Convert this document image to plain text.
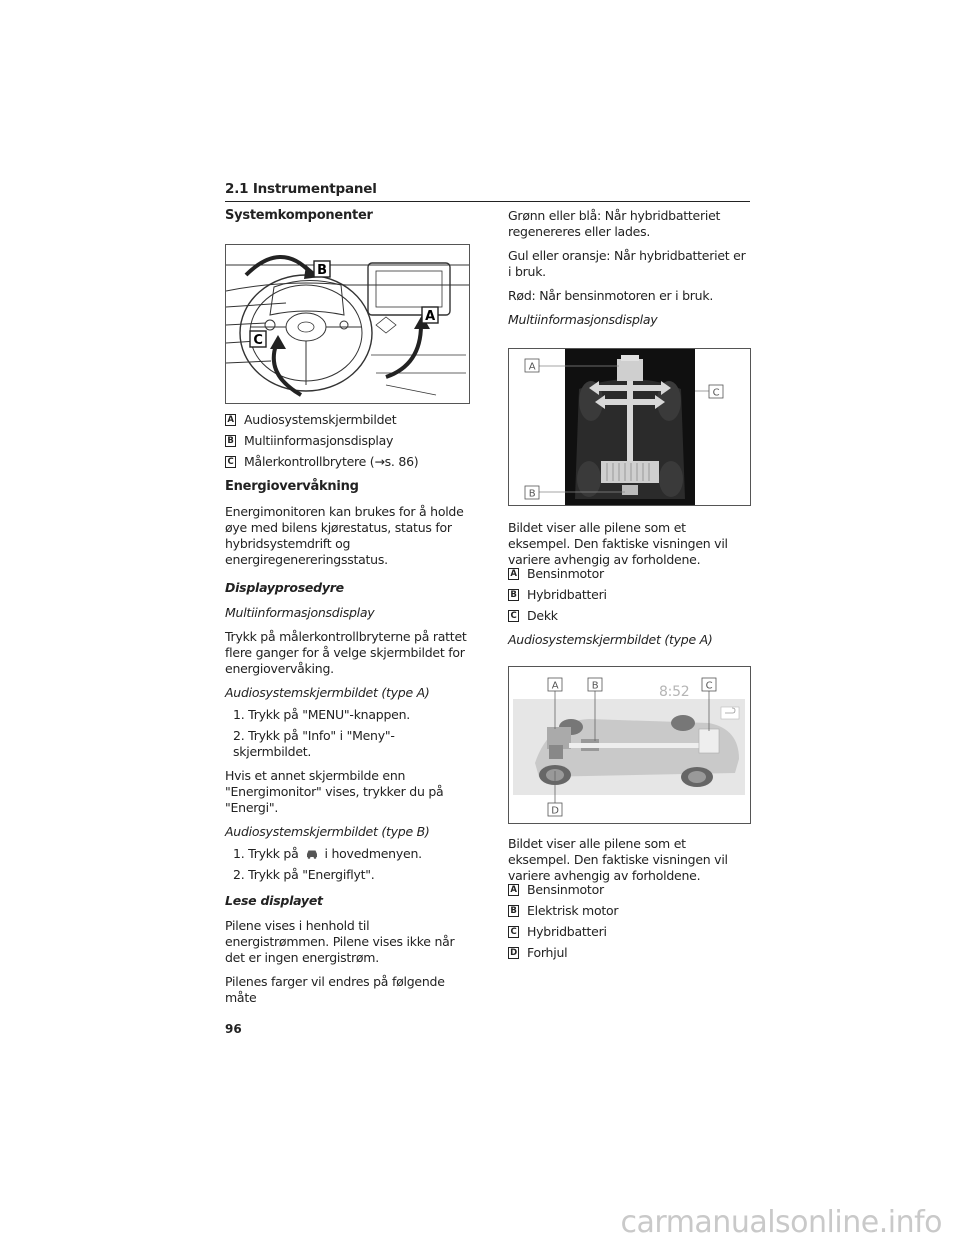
2.1 Instrumentpanel
Systemkomponenter
B
A
C
A Audiosystemskjermbildet
B Multiinformasjonsdisplay
C Målerkontrollbrytere (→s. 86)
Energiovervåkning
Energimonitoren kan brukes for å holde øye med bilens kjørestatus, status for hybridsystemdrift og energiregenereringsstatus.
Displayprosedyre
Multiinformasjonsdisplay
Trykk på målerkontrollbryterne på rattet flere ganger for å velge skjermbildet for energiovervåking.
Audiosystemskjermbildet (type A)
1. Trykk på "MENU"-knappen.
2. Trykk på "Info" i "Meny"-skjermbildet.
Hvis et annet skjermbilde enn "Energimonitor" vises, trykker du på "Energi".
Audiosystemskjermbildet (type B)
1. Trykk på i hovedmenyen.
2. Trykk på "Energiflyt".
Lese displayet
Pilene vises i henhold til energistrømmen. Pilene vises ikke når det er ingen energistrøm.
Pilenes farger vil endres på følgende måte
Grønn eller blå: Når hybridbatteriet regenereres eller lades.
Gul eller oransje: Når hybridbatteriet er i bruk.
Rød: Når bensinmotoren er i bruk.
Multiinformasjonsdisplay
A
C
B
Bildet viser alle pilene som et eksempel. Den faktiske visningen vil variere avhengig av forholdene.
A Bensinmotor
B Hybridbatteri
C Dekk
Audiosystemskjermbildet (type A)
8:52
A	B	C
D
Bildet viser alle pilene som et eksempel. Den faktiske visningen vil variere avhengig av forholdene.
A Bensinmotor
B Elektrisk motor
C Hybridbatteri
D Forhjul
96
carmanualsonline.info
